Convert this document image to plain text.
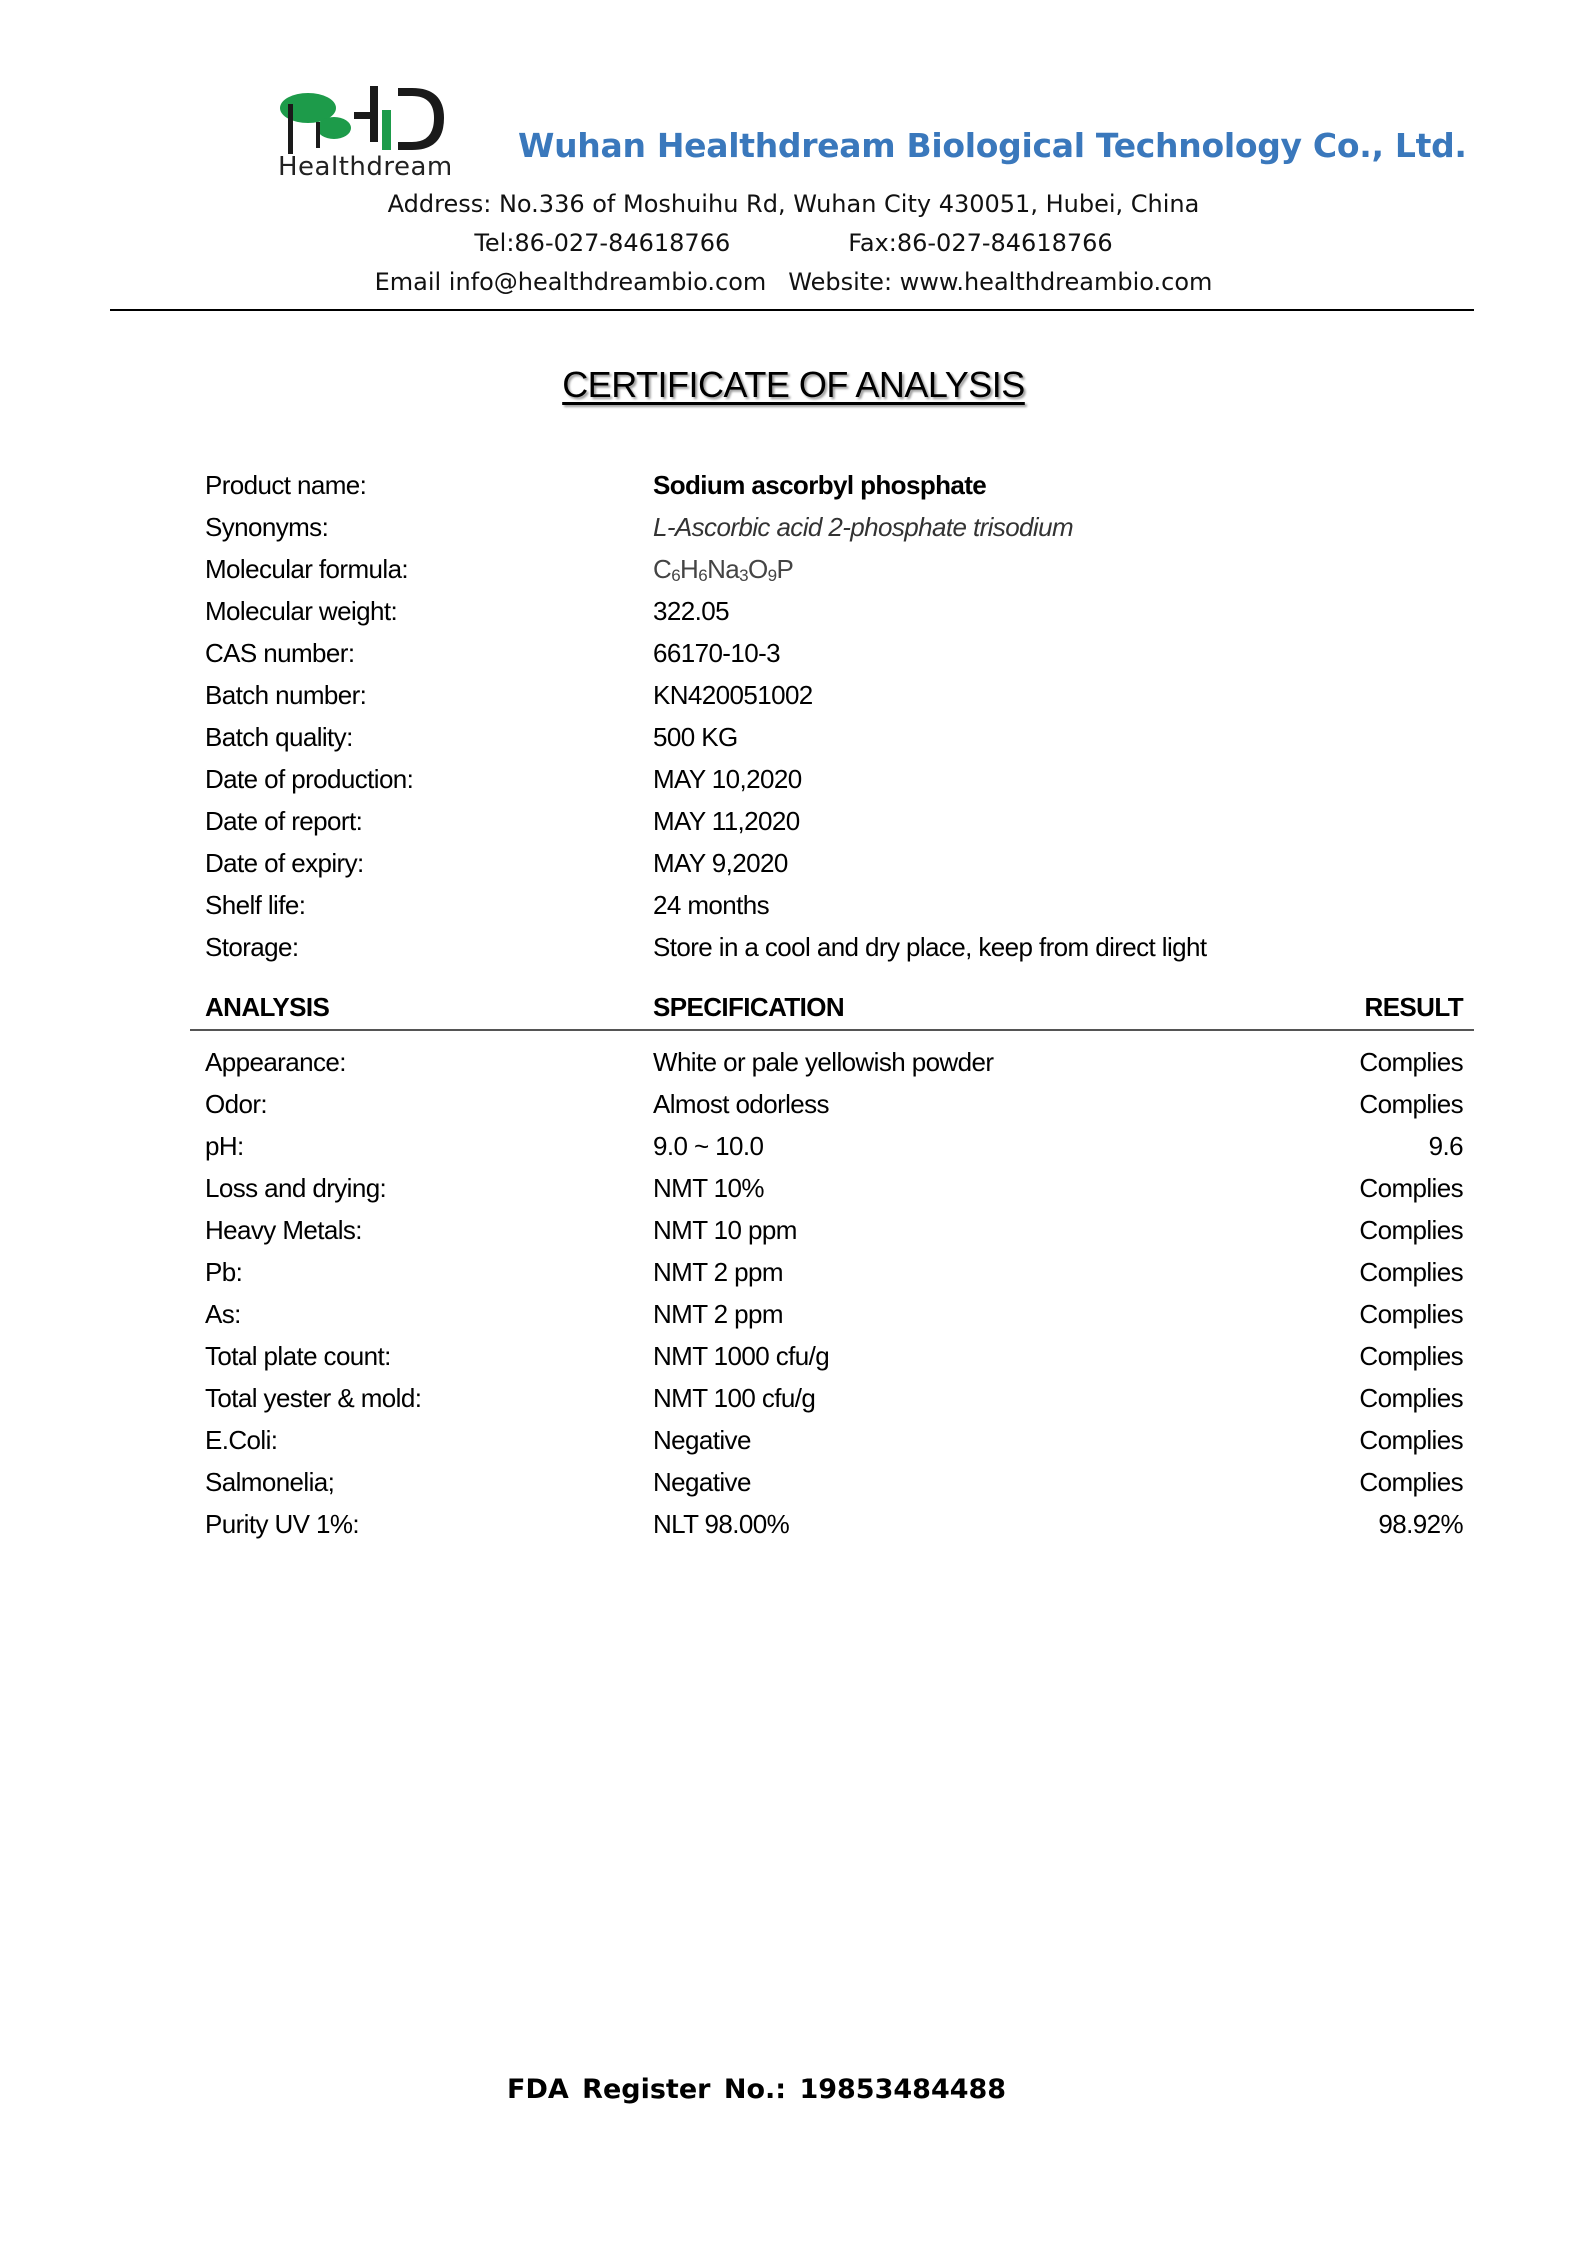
Healthdream
Wuhan Healthdream Biological Technology Co., Ltd.
Address: No.336 of Moshuihu Rd, Wuhan City 430051, Hubei, China
Tel:86-027-84618766	Fax:86-027-84618766
Email info@healthdreambio.com Website: www.healthdreambio.com
CERTIFICATE OF ANALYSIS
Product name:	Sodium ascorbyl phosphate
Synonyms:	L-Ascorbic acid 2-phosphate trisodium
Molecular formula:	$C_6H_6Na_3O_9P$
Molecular weight:	322.05
CAS number:	66170-10-3
Batch number:	KN420051002
Batch quality:	500 KG
Date of production:	MAY 10,2020
Date of report:	MAY 11,2020
Date of expiry:	MAY 9,2020
Shelf life:	24 months
Storage:	Store in a cool and dry place, keep from direct light
ANALYSIS	SPECIFICATION	RESULT
Appearance:	White or pale yellowish powder	Complies
Odor:	Almost odorless	Complies
pH:	9.0 ~ 10.0	9.6
Loss and drying:	NMT 10%	Complies
Heavy Metals:	NMT 10 ppm	Complies
Pb:	NMT 2 ppm	Complies
As:	NMT 2 ppm	Complies
Total plate count:	NMT 1000 cfu/g	Complies
Total yester & mold:	NMT 100 cfu/g	Complies
E.Coli:	Negative	Complies
Salmonelia;	Negative	Complies
Purity UV 1%:	NLT 98.00%	98.92%
FDA Register No.: 19853484488
